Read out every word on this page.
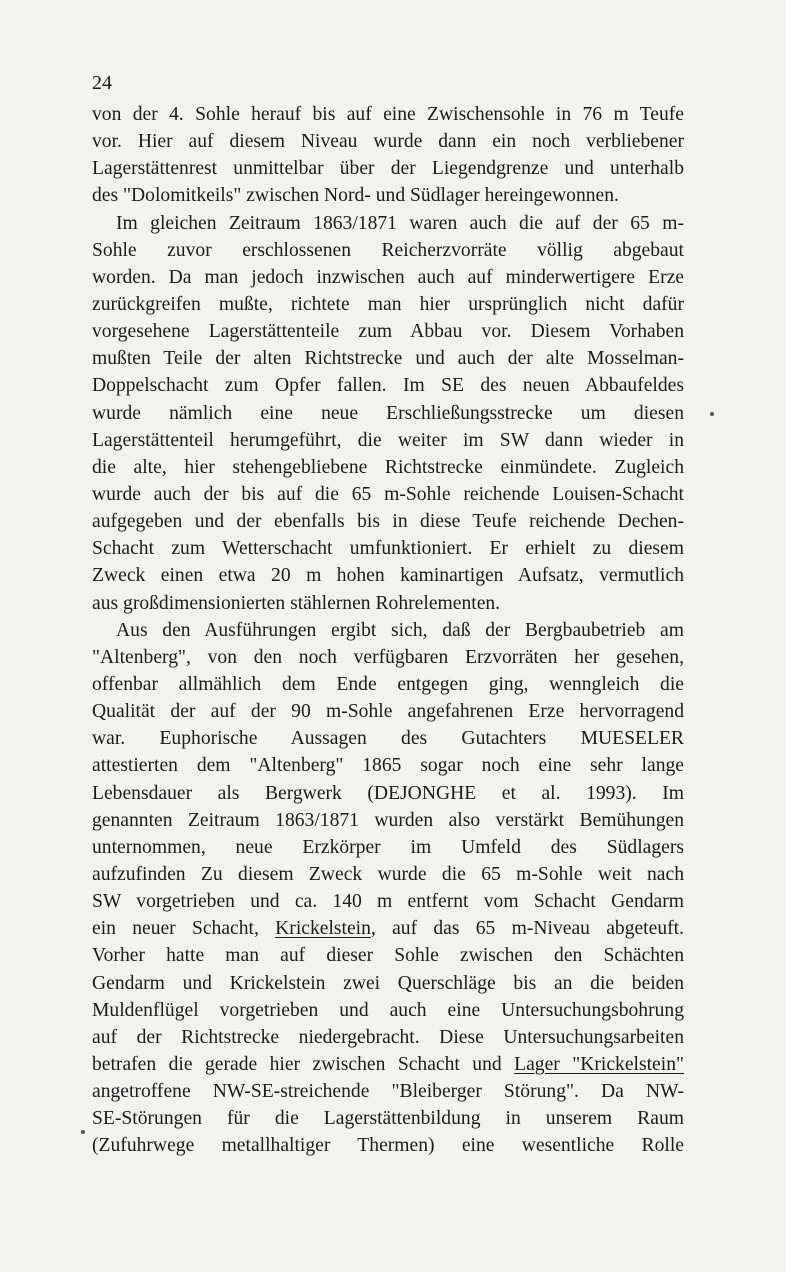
24
von der 4. Sohle herauf bis auf eine Zwischensohle in 76 m Teufe
vor. Hier auf diesem Niveau wurde dann ein noch verbliebener
Lagerstättenrest unmittelbar über der Liegendgrenze und unterhalb
des "Dolomitkeils" zwischen Nord- und Südlager hereingewonnen.
Im gleichen Zeitraum 1863/1871 waren auch die auf der 65 m-
Sohle zuvor erschlossenen Reicherzvorräte völlig abgebaut
worden. Da man jedoch inzwischen auch auf minderwertigere Erze
zurückgreifen mußte, richtete man hier ursprünglich nicht dafür
vorgesehene Lagerstättenteile zum Abbau vor. Diesem Vorhaben
mußten Teile der alten Richtstrecke und auch der alte Mosselman-
Doppelschacht zum Opfer fallen. Im SE des neuen Abbaufeldes
wurde nämlich eine neue Erschließungsstrecke um diesen
Lagerstättenteil herumgeführt, die weiter im SW dann wieder in
die alte, hier stehengebliebene Richtstrecke einmündete. Zugleich
wurde auch der bis auf die 65 m-Sohle reichende Louisen-Schacht
aufgegeben und der ebenfalls bis in diese Teufe reichende Dechen-
Schacht zum Wetterschacht umfunktioniert. Er erhielt zu diesem
Zweck einen etwa 20 m hohen kaminartigen Aufsatz, vermutlich
aus großdimensionierten stählernen Rohrelementen.
Aus den Ausführungen ergibt sich, daß der Bergbaubetrieb am
"Altenberg", von den noch verfügbaren Erzvorräten her gesehen,
offenbar allmählich dem Ende entgegen ging, wenngleich die
Qualität der auf der 90 m-Sohle angefahrenen Erze hervorragend
war. Euphorische Aussagen des Gutachters MUESELER
attestierten dem "Altenberg" 1865 sogar noch eine sehr lange
Lebensdauer als Bergwerk (DEJONGHE et al. 1993). Im
genannten Zeitraum 1863/1871 wurden also verstärkt Bemühungen
unternommen, neue Erzkörper im Umfeld des Südlagers
aufzufinden Zu diesem Zweck wurde die 65 m-Sohle weit nach
SW vorgetrieben und ca. 140 m entfernt vom Schacht Gendarm
ein neuer Schacht, Krickelstein, auf das 65 m-Niveau abgeteuft.
Vorher hatte man auf dieser Sohle zwischen den Schächten
Gendarm und Krickelstein zwei Querschläge bis an die beiden
Muldenflügel vorgetrieben und auch eine Untersuchungsbohrung
auf der Richtstrecke niedergebracht. Diese Untersuchungsarbeiten
betrafen die gerade hier zwischen Schacht und Lager "Krickelstein"
angetroffene NW-SE-streichende "Bleiberger Störung". Da NW-
SE-Störungen für die Lagerstättenbildung in unserem Raum
(Zufuhrwege metallhaltiger Thermen) eine wesentliche Rolle
